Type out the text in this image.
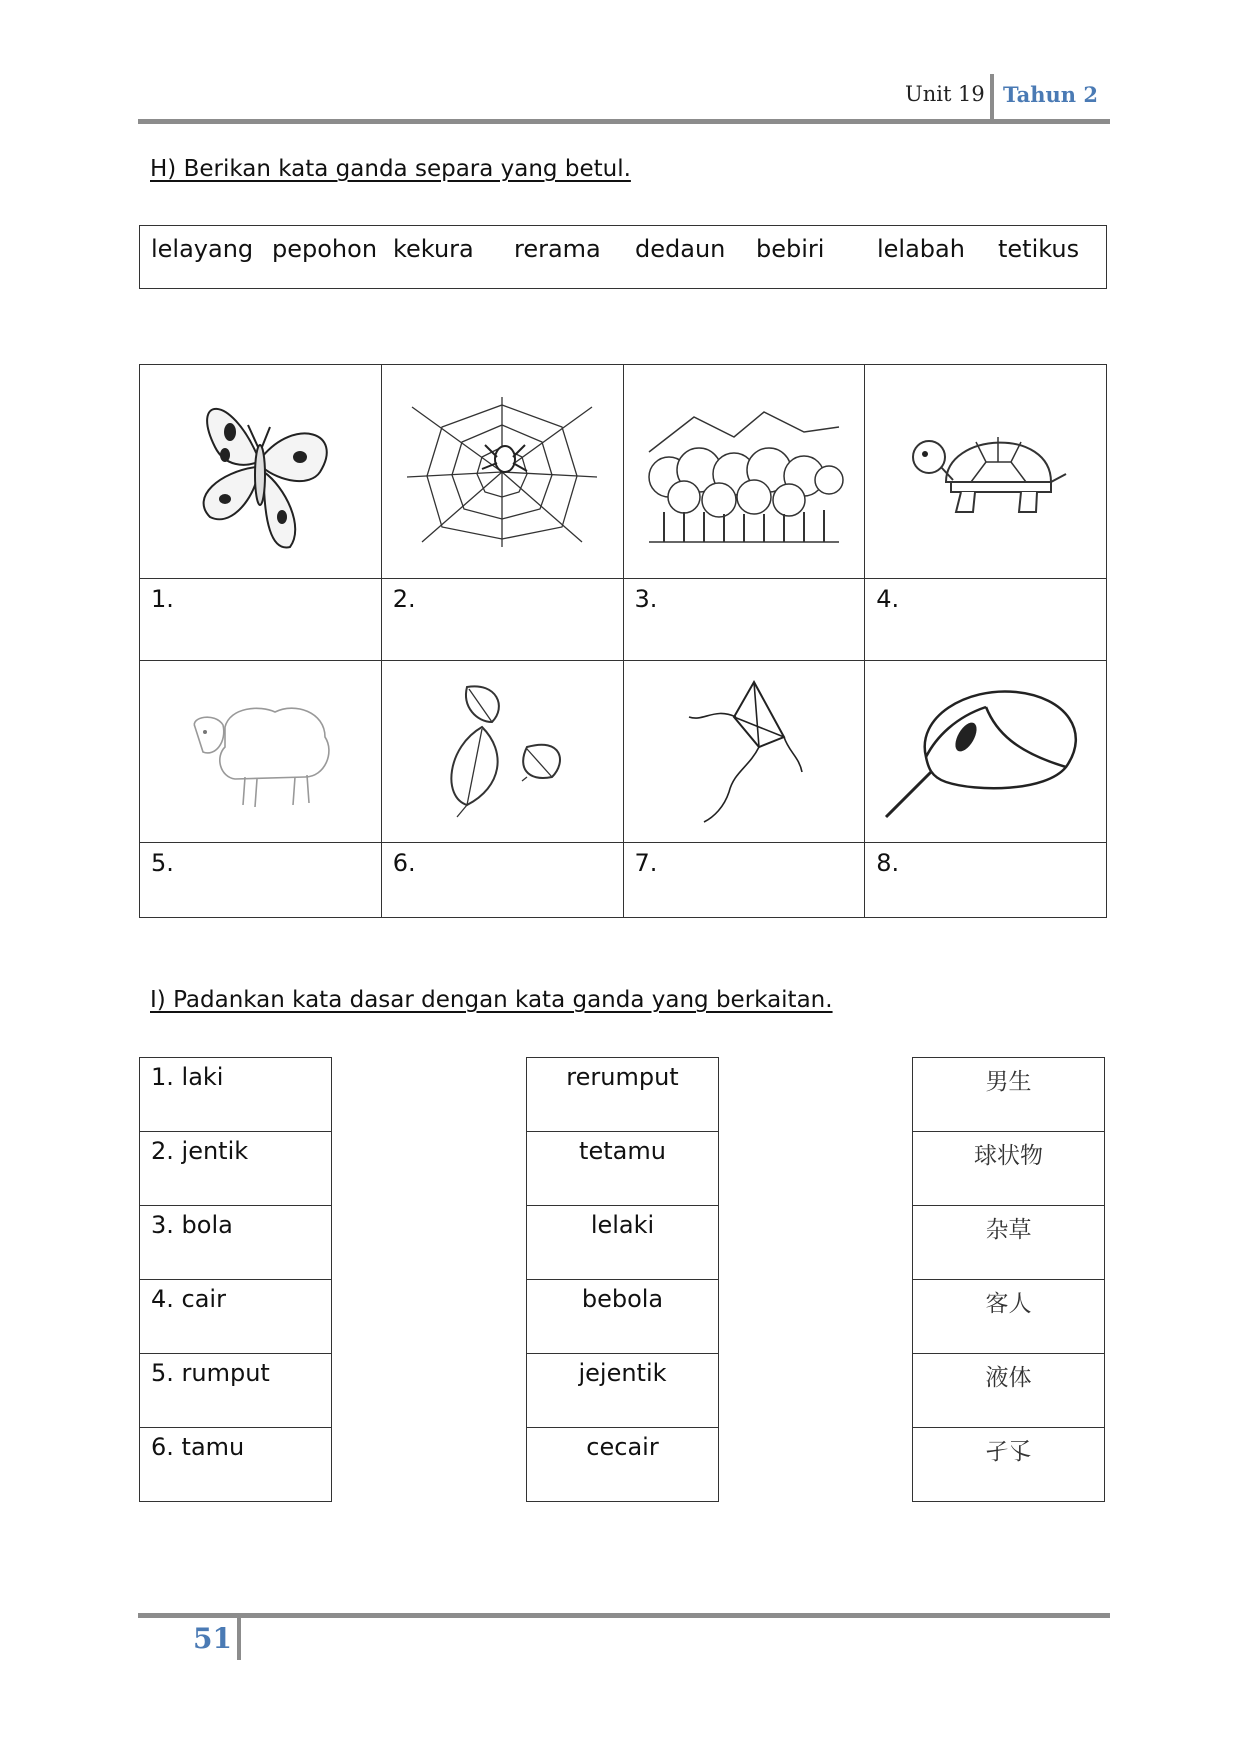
Unit 19 Tahun 2
H) Berikan kata ganda separa yang betul.
lelayang pepohon kekura rerama dedaun bebiri lelabah tetikus

1.	2.	3.	4.

5.	6.	7.	8.
I) Padankan kata dasar dengan kata ganda yang berkaitan.
1. laki
2. jentik
3. bola
4. cair
5. rumput
6. tamu
rerumput
tetamu
lelaki
bebola
jejentik
cecair
男生
球状物
杂草
客人
液体
孑孓
51
